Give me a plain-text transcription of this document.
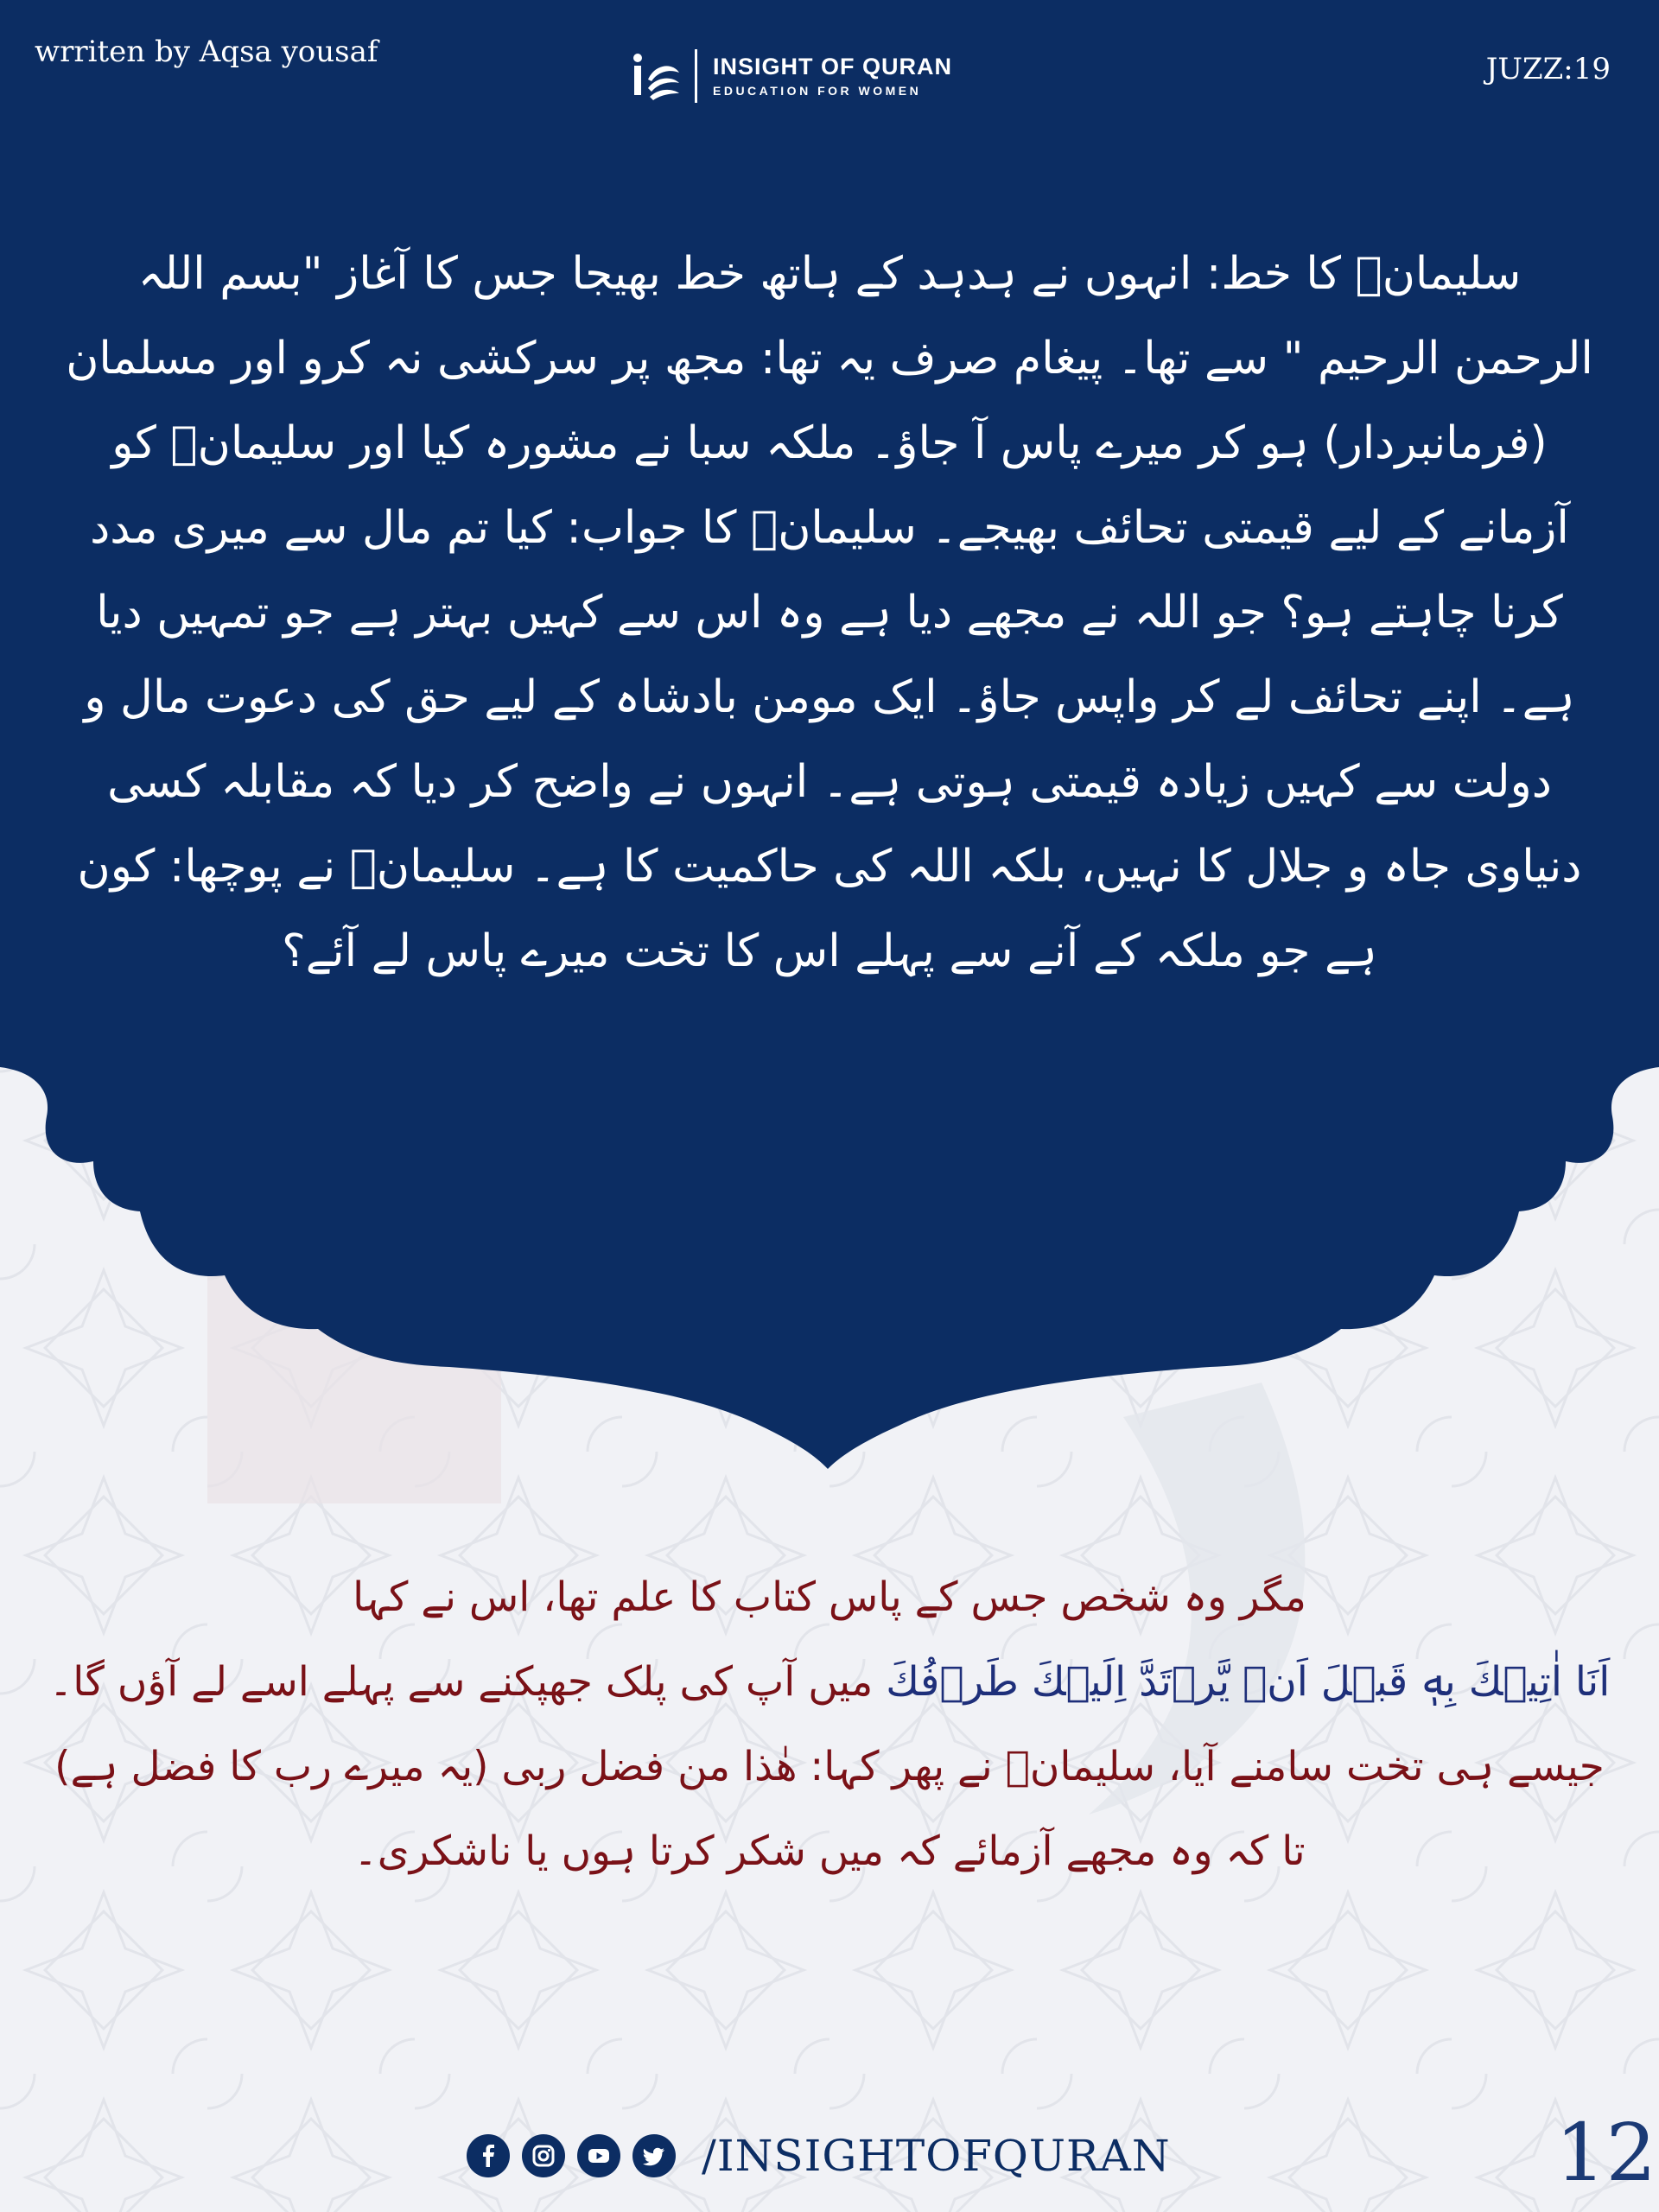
wrriten by Aqsa yousaf	JUZZ:19
INSIGHT OF QURAN
EDUCATION FOR WOMEN
سلیمانؑ کا خط: انہوں نے ہدہد کے ہاتھ خط بھیجا جس کا آغاز "بسم اللہ الرحمن الرحیم " سے تھا۔ پیغام صرف یہ تھا: مجھ پر سرکشی نہ کرو اور مسلمان (فرمانبردار) ہو کر میرے پاس آ جاؤ۔ ملکہ سبا نے مشورہ کیا اور سلیمانؑ کو آزمانے کے لیے قیمتی تحائف بھیجے۔ سلیمانؑ کا جواب: کیا تم مال سے میری مدد کرنا چاہتے ہو؟ جو اللہ نے مجھے دیا ہے وہ اس سے کہیں بہتر ہے جو تمہیں دیا ہے۔ اپنے تحائف لے کر واپس جاؤ۔ ایک مومن بادشاہ کے لیے حق کی دعوت مال و دولت سے کہیں زیادہ قیمتی ہوتی ہے۔ انہوں نے واضح کر دیا کہ مقابلہ کسی دنیاوی جاہ و جلال کا نہیں، بلکہ اللہ کی حاکمیت کا ہے۔ سلیمانؑ نے پوچھا: کون ہے جو ملکہ کے آنے سے پہلے اس کا تخت میرے پاس لے آئے؟
مگر وہ شخص جس کے پاس کتاب کا علم تھا، اس نے کہا
اَنَا اٰتِيۡكَ بِهٖ قَبۡلَ اَنۡ يَّرۡتَدَّ اِلَيۡكَ طَرۡفُكَ میں آپ کی پلک جھپکنے سے پہلے اسے لے آؤں گا۔ جیسے ہی تخت سامنے آیا، سلیمانؑ نے پھر کہا: هٰذا من فضل ربی (یہ میرے رب کا فضل ہے) تا کہ وہ مجھے آزمائے کہ میں شکر کرتا ہوں یا ناشکری۔
/INSIGHTOFQURAN	12
